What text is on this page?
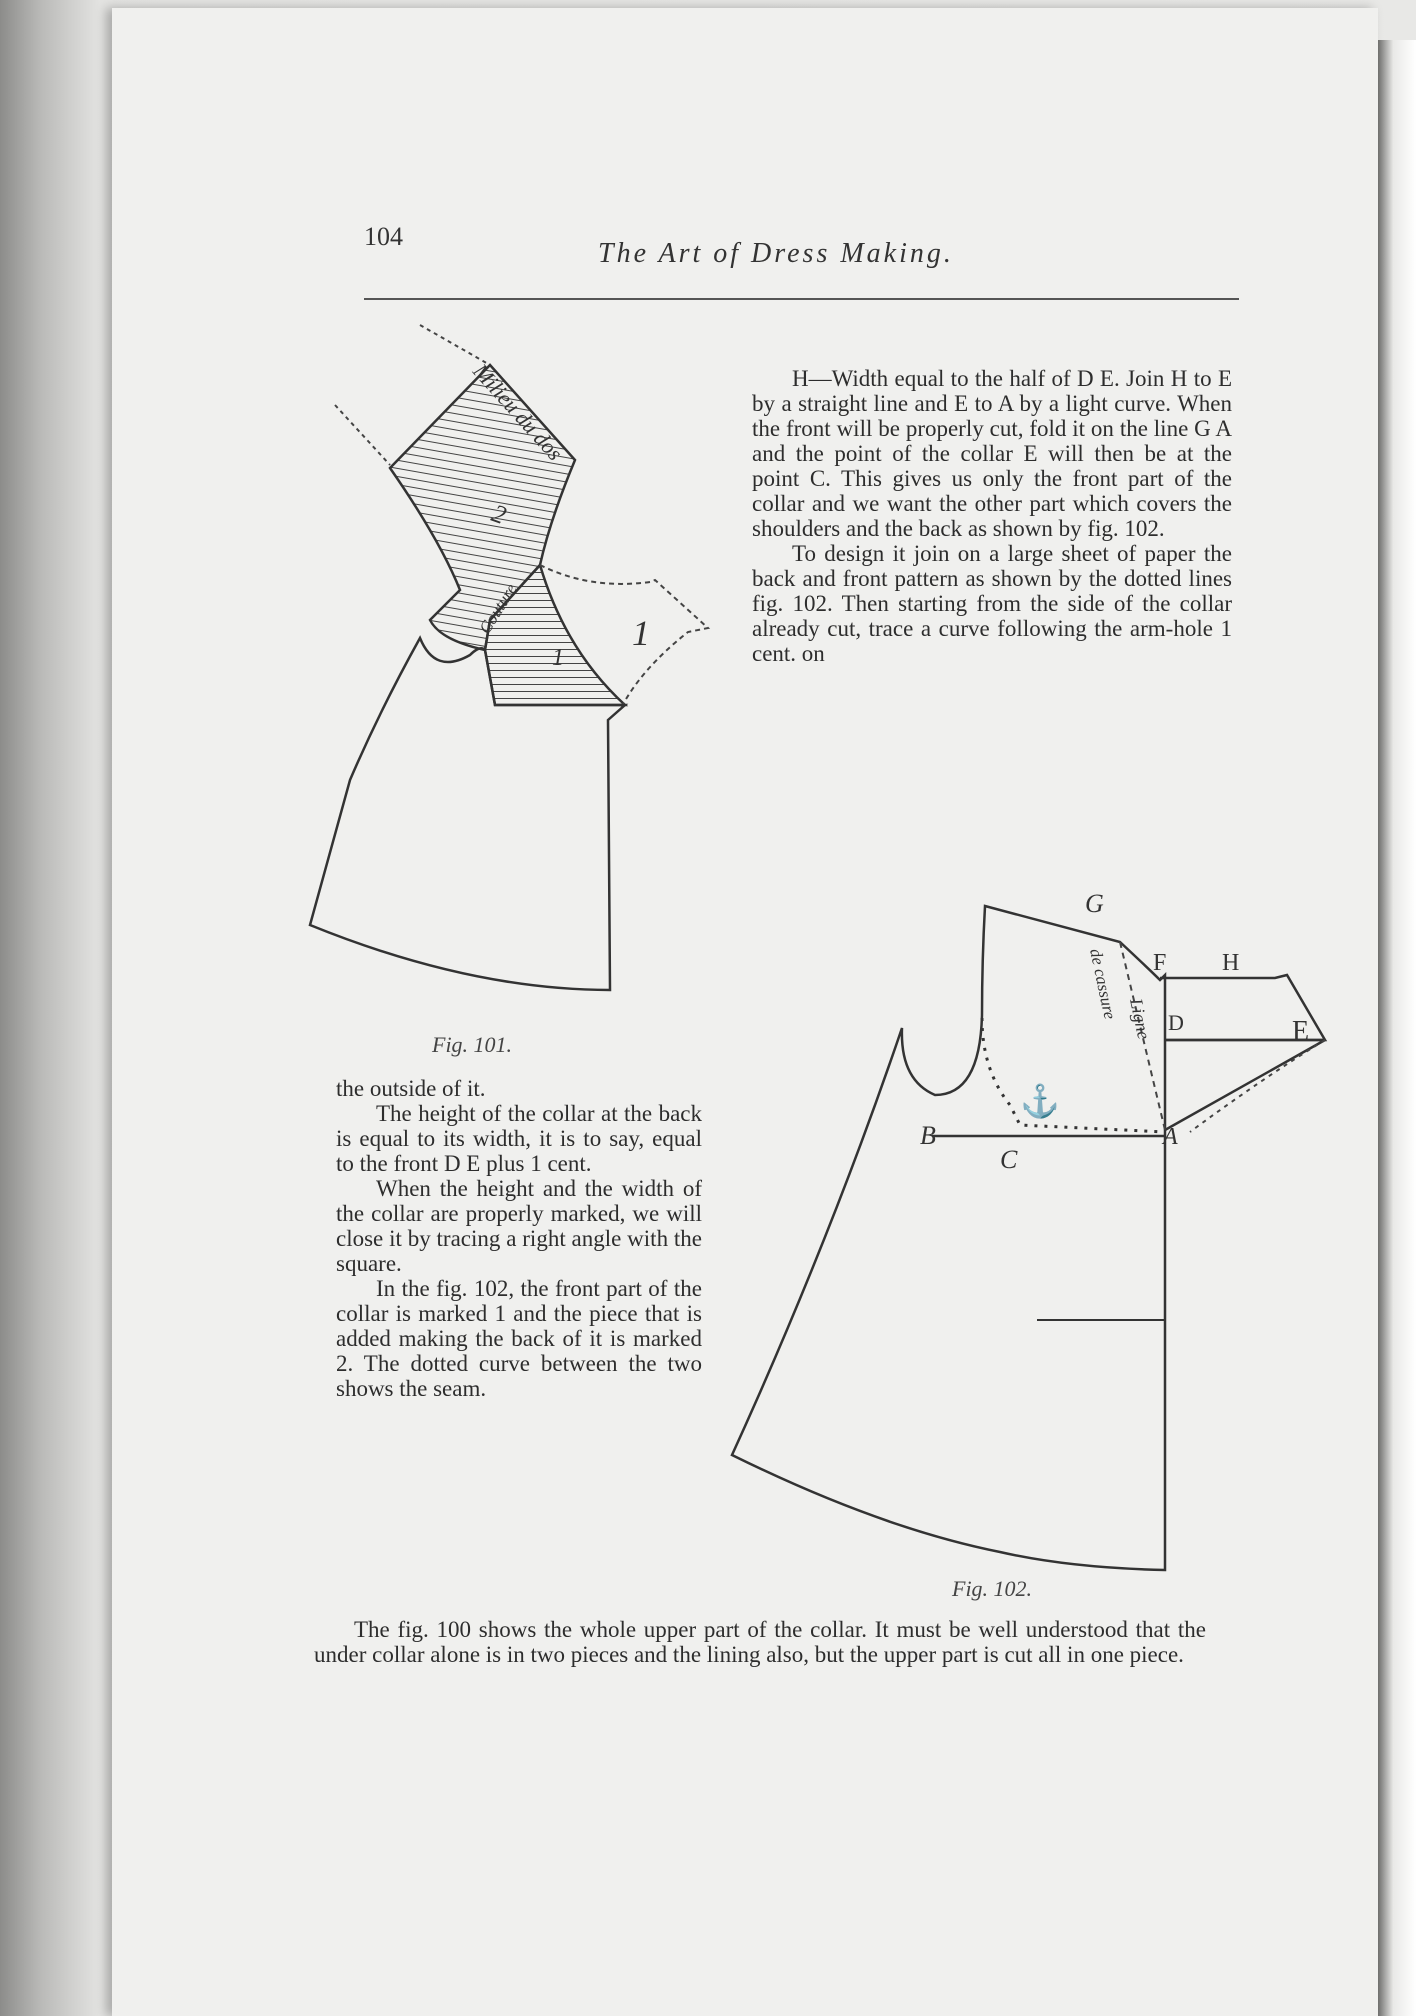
104
The Art of Dress Making.
Milieu du dos
2
Couture
1
1
Fig. 101.

H—Width equal to the half of D E. Join H to E by a straight line and E to A by a light curve. When the front will be properly cut, fold it on the line G A and the point of the collar E will then be at the point C. This gives us only the front part of the collar and we want the other part which covers the shoulders and the back as shown by fig. 102.

To design it join on a large sheet of paper the back and front pattern as shown by the dotted lines fig. 102. Then starting from the side of the collar already cut, trace a curve following the arm-hole 1 cent. on

G
F H
D	E
A
B
C
Ligne
de cassure
⚓
Fig. 102.

the outside of it.

The height of the collar at the back is equal to its width, it is to say, equal to the front D E plus 1 cent.

When the height and the width of the collar are properly marked, we will close it by tracing a right angle with the square.

In the fig. 102, the front part of the collar is marked 1 and the piece that is added making the back of it is marked 2. The dotted curve between the two shows the seam.

The fig. 100 shows the whole upper part of the collar. It must be well understood that the under collar alone is in two pieces and the lining also, but the upper part is cut all in one piece.
